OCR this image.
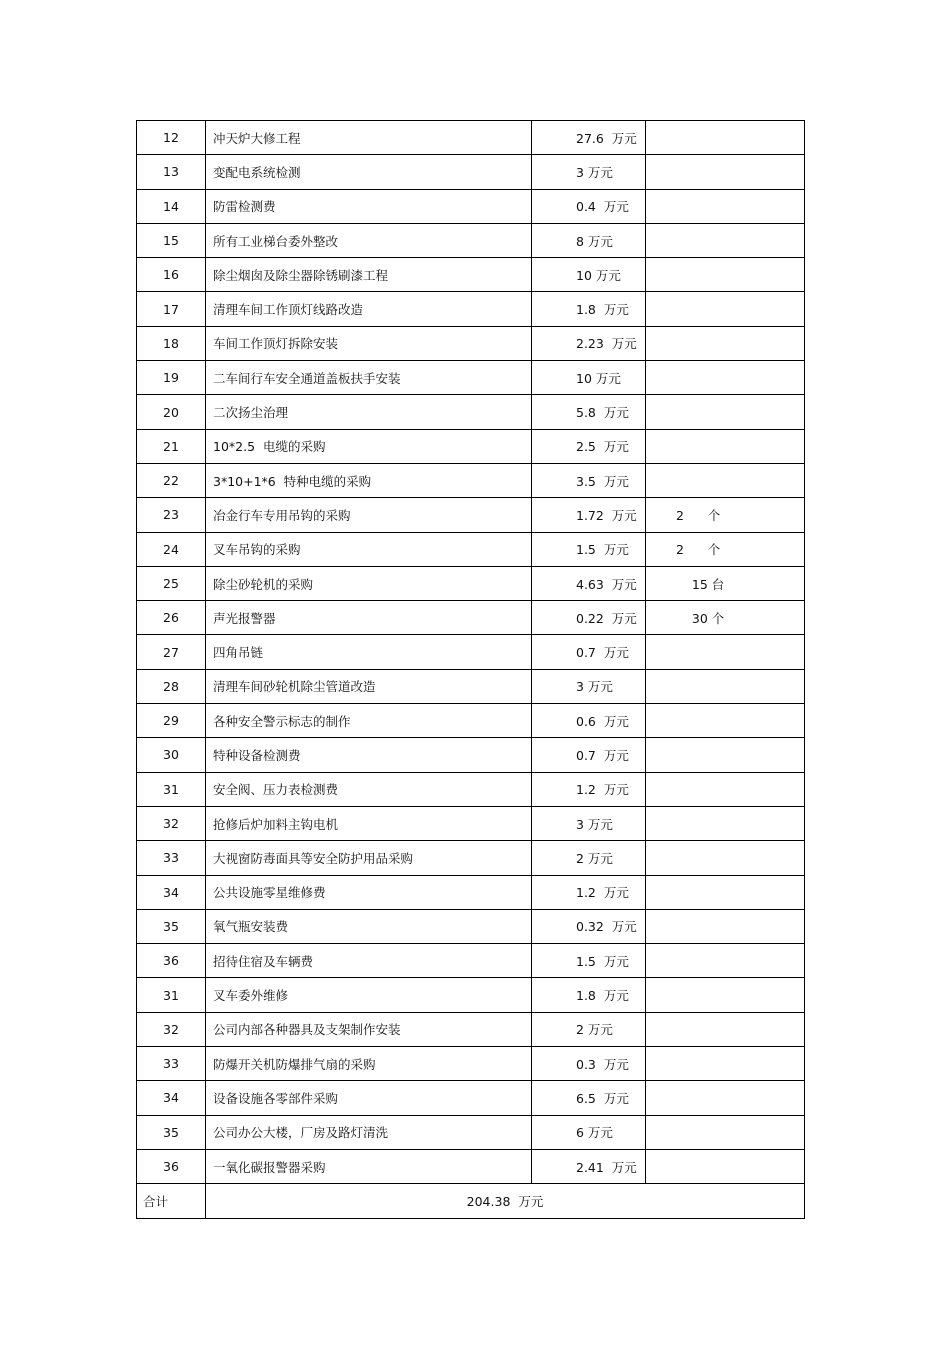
12	冲天炉大修工程	27.6  万元	
13	变配电系统检测	3 万元	
14	防雷检测费	0.4  万元	
15	所有工业梯台委外整改	8 万元	
16	除尘烟囱及除尘器除锈刷漆工程	10 万元	
17	清理车间工作顶灯线路改造	1.8  万元	
18	车间工作顶灯拆除安装	2.23  万元	
19	二车间行车安全通道盖板扶手安装	10 万元	
20	二次扬尘治理	5.8  万元	
21	10*2.5  电缆的采购	2.5  万元	
22	3*10+1*6  特种电缆的采购	3.5  万元	
23	冶金行车专用吊钩的采购	1.72  万元	2      个
24	叉车吊钩的采购	1.5  万元	2      个
25	除尘砂轮机的采购	4.63  万元	15 台
26	声光报警器	0.22  万元	30 个
27	四角吊链	0.7  万元	
28	清理车间砂轮机除尘管道改造	3 万元	
29	各种安全警示标志的制作	0.6  万元	
30	特种设备检测费	0.7  万元	
31	安全阀、压力表检测费	1.2  万元	
32	抢修后炉加料主钩电机	3 万元	
33	大视窗防毒面具等安全防护用品采购	2 万元	
34	公共设施零星维修费	1.2  万元	
35	氧气瓶安装费	0.32  万元	
36	招待住宿及车辆费	1.5  万元	
31	叉车委外维修	1.8  万元	
32	公司内部各种器具及支架制作安装	2 万元	
33	防爆开关机防爆排气扇的采购	0.3  万元	
34	设备设施各零部件采购	6.5  万元	
35	公司办公大楼，厂房及路灯清洗	6 万元	
36	一氧化碳报警器采购	2.41  万元	
合计	204.38  万元		
